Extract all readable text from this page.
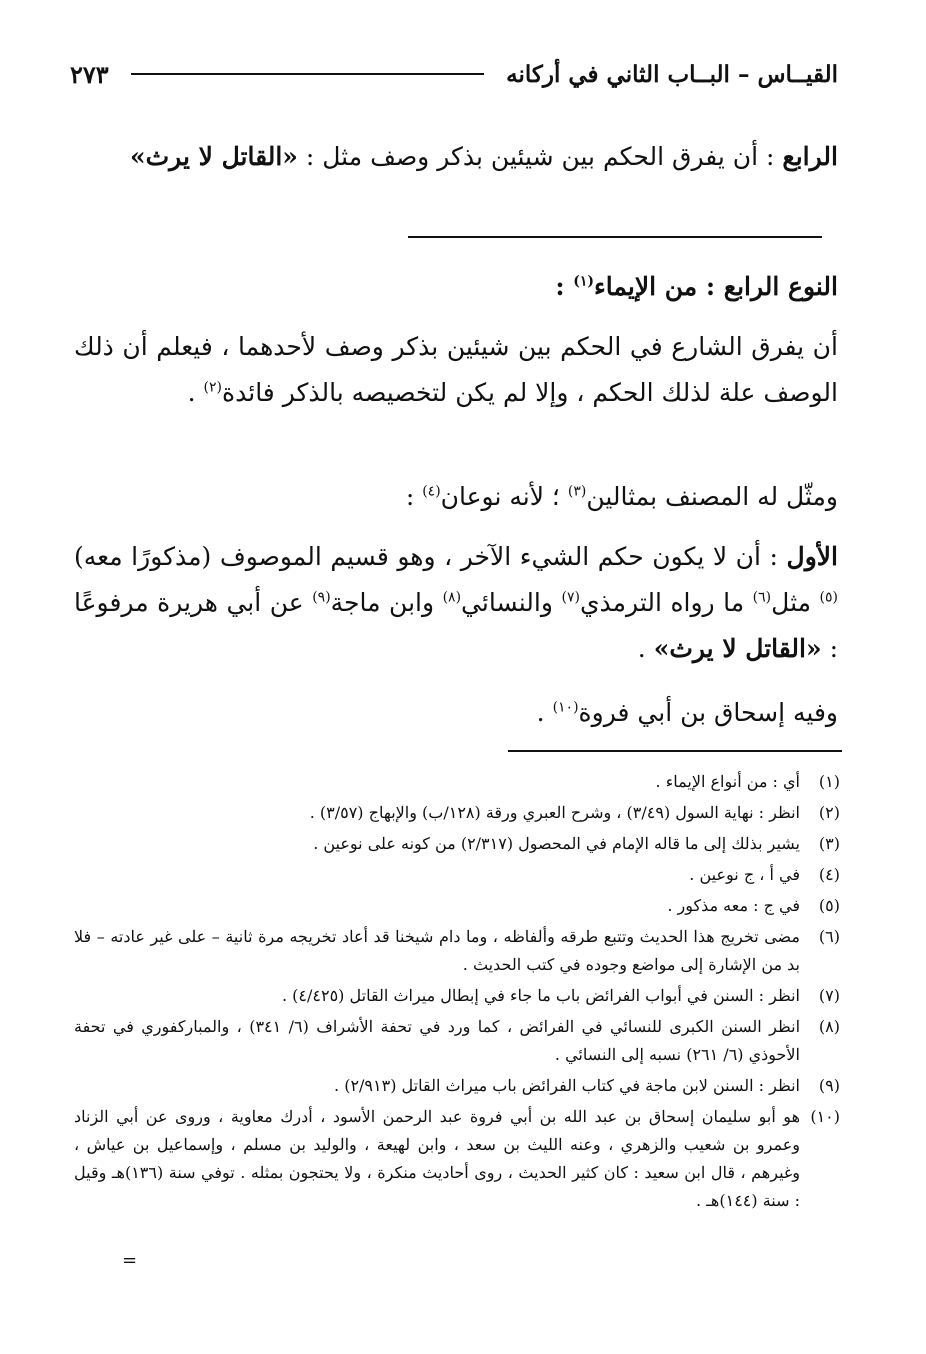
القيــاس – البــاب الثاني في أركانه
٢٧٣

الرابع : أن يفرق الحكم بين شيئين بذكر وصف مثل : «القاتل لا يرث»

النوع الرابع : من الإيماء$^{(١)}$ :

أن يفرق الشارع في الحكم بين شيئين بذكر وصف لأحدهما ، فيعلم أن ذلك الوصف علة لذلك الحكم ، وإلا لم يكن لتخصيصه بالذكر فائدة$^{(٢)}$ .

ومثّل له المصنف بمثالين$^{(٣)}$ ؛ لأنه نوعان$^{(٤)}$ :

الأول : أن لا يكون حكم الشيء الآخر ، وهو قسيم الموصوف (مذكورًا معه)$^{(٥)}$ مثل$^{(٦)}$ ما رواه الترمذي$^{(٧)}$ والنسائي$^{(٨)}$ وابن ماجة$^{(٩)}$ عن أبي هريرة مرفوعًا : «القاتل لا يرث» .

وفيه إسحاق بن أبي فروة$^{(١٠)}$ .

(١)
أي : من أنواع الإيماء .
(٢)
انظر : نهاية السول (٣/٤٩) ، وشرح العبري ورقة (١٢٨/ب) والإبهاج (٣/٥٧) .
(٣)
يشير بذلك إلى ما قاله الإمام في المحصول (٢/٣١٧) من كونه على نوعين .
(٤)
في أ ، ج نوعين .
(٥)
في ج : معه مذكور .
(٦)
مضى تخريج هذا الحديث وتتبع طرقه وألفاظه ، وما دام شيخنا قد أعاد تخريجه مرة ثانية – على غير عادته – فلا بد من الإشارة إلى مواضع وجوده في كتب الحديث .
(٧)
انظر : السنن في أبواب الفرائض باب ما جاء في إبطال ميراث القاتل (٤/٤٢٥) .
(٨)
انظر السنن الكبرى للنسائي في الفرائض ، كما ورد في تحفة الأشراف (٦/ ٣٤١) ، والمباركفوري في تحفة الأحوذي (٦/ ٢٦١) نسبه إلى النسائي .
(٩)
انظر : السنن لابن ماجة في كتاب الفرائض باب ميراث القاتل (٢/٩١٣) .
(١٠)
هو أبو سليمان إسحاق بن عبد الله بن أبي فروة عبد الرحمن الأسود ، أدرك معاوية ، وروى عن أبي الزناد وعمرو بن شعيب والزهري ، وعنه الليث بن سعد ، وابن لهيعة ، والوليد بن مسلم ، وإسماعيل بن عياش ، وغيرهم ، قال ابن سعيد : كان كثير الحديث ، روى أحاديث منكرة ، ولا يحتجون بمثله . توفي سنة (١٣٦)هـ وقيل : سنة (١٤٤)هـ .
=
